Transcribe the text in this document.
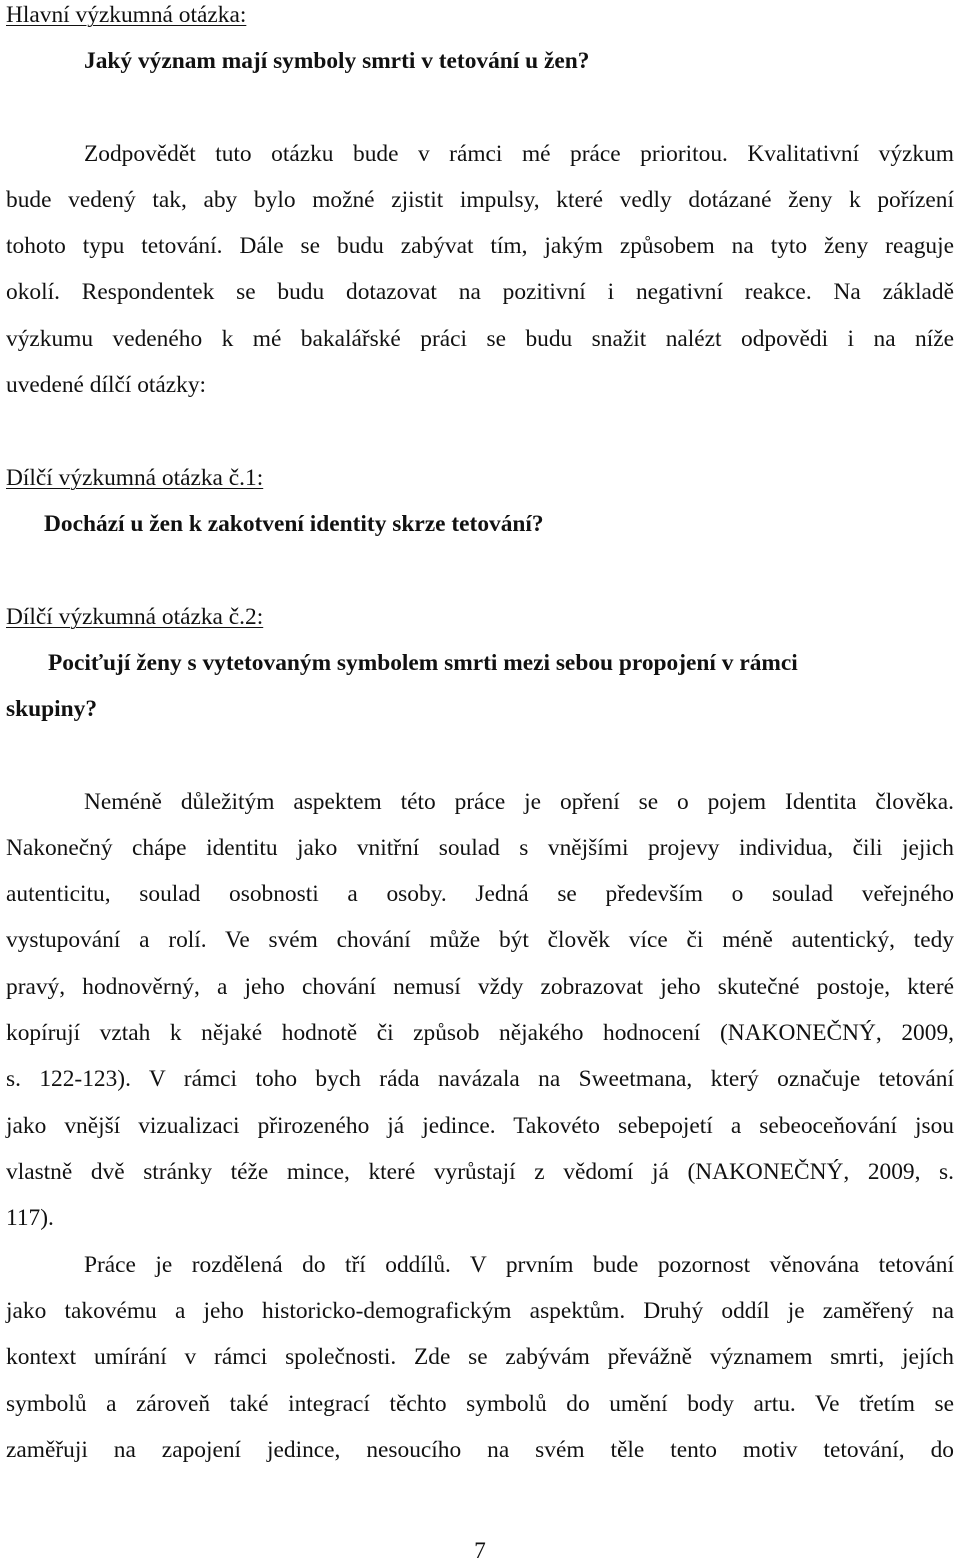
Hlavní výzkumná otázka:
Jaký význam mají symboly smrti v tetování u žen?
Zodpovědět tuto otázku bude v rámci mé práce prioritou. Kvalitativní výzkum
bude vedený tak, aby bylo možné zjistit impulsy, které vedly dotázané ženy k pořízení
tohoto typu tetování. Dále se budu zabývat tím, jakým způsobem na tyto ženy reaguje
okolí. Respondentek se budu dotazovat na pozitivní i negativní reakce. Na základě
výzkumu vedeného k mé bakalářské práci se budu snažit nalézt odpovědi i na níže
uvedené dílčí otázky:
Dílčí výzkumná otázka č.1:
Dochází u žen k zakotvení identity skrze tetování?
Dílčí výzkumná otázka č.2:
Pociťují ženy s vytetovaným symbolem smrti mezi sebou propojení v rámci
skupiny?
Neméně důležitým aspektem této práce je opření se o pojem Identita člověka.
Nakonečný chápe identitu jako vnitřní soulad s vnějšími projevy individua, čili jejich
autenticitu, soulad osobnosti a osoby. Jedná se především o soulad veřejného
vystupování a rolí. Ve svém chování může být člověk více či méně autentický, tedy
pravý, hodnověrný, a jeho chování nemusí vždy zobrazovat jeho skutečné postoje, které
kopírují vztah k nějaké hodnotě či způsob nějakého hodnocení (NAKONEČNÝ, 2009,
s. 122-123). V rámci toho bych ráda navázala na Sweetmana, který označuje tetování
jako vnější vizualizaci přirozeného já jedince. Takovéto sebepojetí a sebeoceňování jsou
vlastně dvě stránky téže mince, které vyrůstají z vědomí já (NAKONEČNÝ, 2009, s.
117).
Práce je rozdělená do tří oddílů. V prvním bude pozornost věnována tetování
jako takovému a jeho historicko-demografickým aspektům. Druhý oddíl je zaměřený na
kontext umírání v rámci společnosti. Zde se zabývám převážně významem smrti, jejích
symbolů a zároveň také integrací těchto symbolů do umění body artu. Ve třetím se
zaměřuji na zapojení jedince, nesoucího na svém těle tento motiv tetování, do
7
